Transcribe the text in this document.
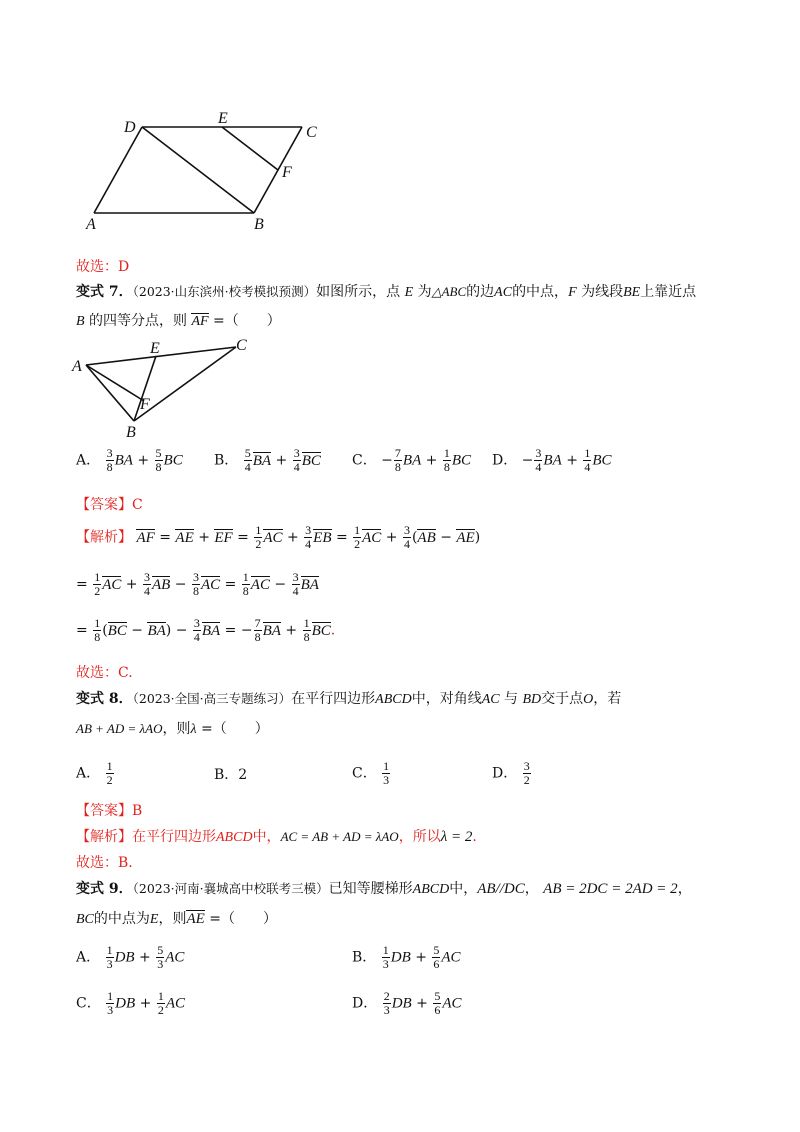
D
E
C
F
A	B
故选：D
变式 7．（2023·山东滨州·校考模拟预测）如图所示，点 E 为△ABC的边AC的中点，F 为线段BE上靠近点
B 的四等分点，则 AF =（　　）
A
E	C
F
B
A． $\frac{3}{8}$ BA + $\frac{5}{8}$ BC B． $\frac{5}{4}$ BA + $\frac{3}{4}$ BC C． − $\frac{7}{8}$ BA + $\frac{1}{8}$ BC D． − $\frac{3}{4}$ BA + $\frac{1}{4}$ BC
【答案】C
【解析】 AF = AE + EF = $\frac{1}{2}$ AC + $\frac{3}{4}$ EB = $\frac{1}{2}$ AC + $\frac{3}{4} (AB - AE)$
= $\frac{1}{2}$ AC + $\frac{3}{4}$ AB − $\frac{3}{8}$ AC = $\frac{1}{8}$ AC − $\frac{3}{4}$ BA
= $\frac{1}{8} (BC - BA) - \frac{3}{4}$ BA = − $\frac{7}{8}$ BA + $\frac{1}{8}$ BC.
故选：C.
变式 8．（2023·全国·高三专题练习）在平行四边形ABCD中，对角线AC 与 BD交于点O，若
AB + AD = λAO，则λ =（　　）
A． $\frac{1}{2}$	B．2	C． $\frac{1}{3}$	D． $\frac{3}{2}$
【答案】B
【解析】在平行四边形ABCD中，AC = AB + AD = λAO，所以λ = 2.
故选：B.
变式 9．（2023·河南·襄城高中校联考三模）已知等腰梯形ABCD中，AB//DC， AB = 2DC = 2AD = 2，
BC的中点为E，则AE =（　　）
A． $\frac{1}{3}$ DB + $\frac{5}{3}$ AC	B． $\frac{1}{3}$ DB + $\frac{5}{6}$ AC
C． $\frac{1}{3}$ DB + $\frac{1}{2}$ AC	D． $\frac{2}{3}$ DB + $\frac{5}{6}$ AC
